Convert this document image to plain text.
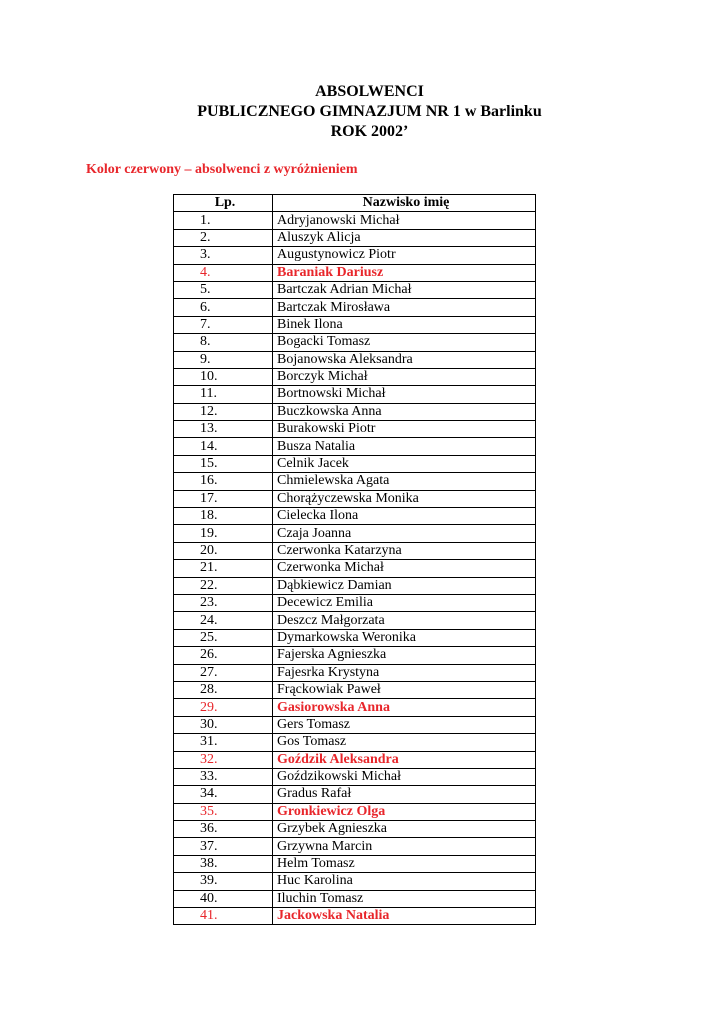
ABSOLWENCI
PUBLICZNEGO GIMNAZJUM NR 1 w Barlinku
ROK 2002’
Kolor czerwony – absolwenci z wyróżnieniem
Lp.	Nazwisko imię
1.	Adryjanowski Michał
2.	Aluszyk Alicja
3.	Augustynowicz Piotr
4.	Baraniak Dariusz
5.	Bartczak Adrian Michał
6.	Bartczak Mirosława
7.	Binek Ilona
8.	Bogacki Tomasz
9.	Bojanowska Aleksandra
10.	Borczyk Michał
11.	Bortnowski Michał
12.	Buczkowska Anna
13.	Burakowski Piotr
14.	Busza Natalia
15.	Celnik Jacek
16.	Chmielewska Agata
17.	Chorążyczewska Monika
18.	Cielecka Ilona
19.	Czaja Joanna
20.	Czerwonka Katarzyna
21.	Czerwonka Michał
22.	Dąbkiewicz Damian
23.	Decewicz Emilia
24.	Deszcz Małgorzata
25.	Dymarkowska Weronika
26.	Fajerska Agnieszka
27.	Fajesrka Krystyna
28.	Frąckowiak Paweł
29.	Gasiorowska Anna
30.	Gers Tomasz
31.	Gos Tomasz
32.	Goździk Aleksandra
33.	Goździkowski Michał
34.	Gradus Rafał
35.	Gronkiewicz Olga
36.	Grzybek Agnieszka
37.	Grzywna Marcin
38.	Helm Tomasz
39.	Huc Karolina
40.	Iluchin Tomasz
41.	Jackowska Natalia
